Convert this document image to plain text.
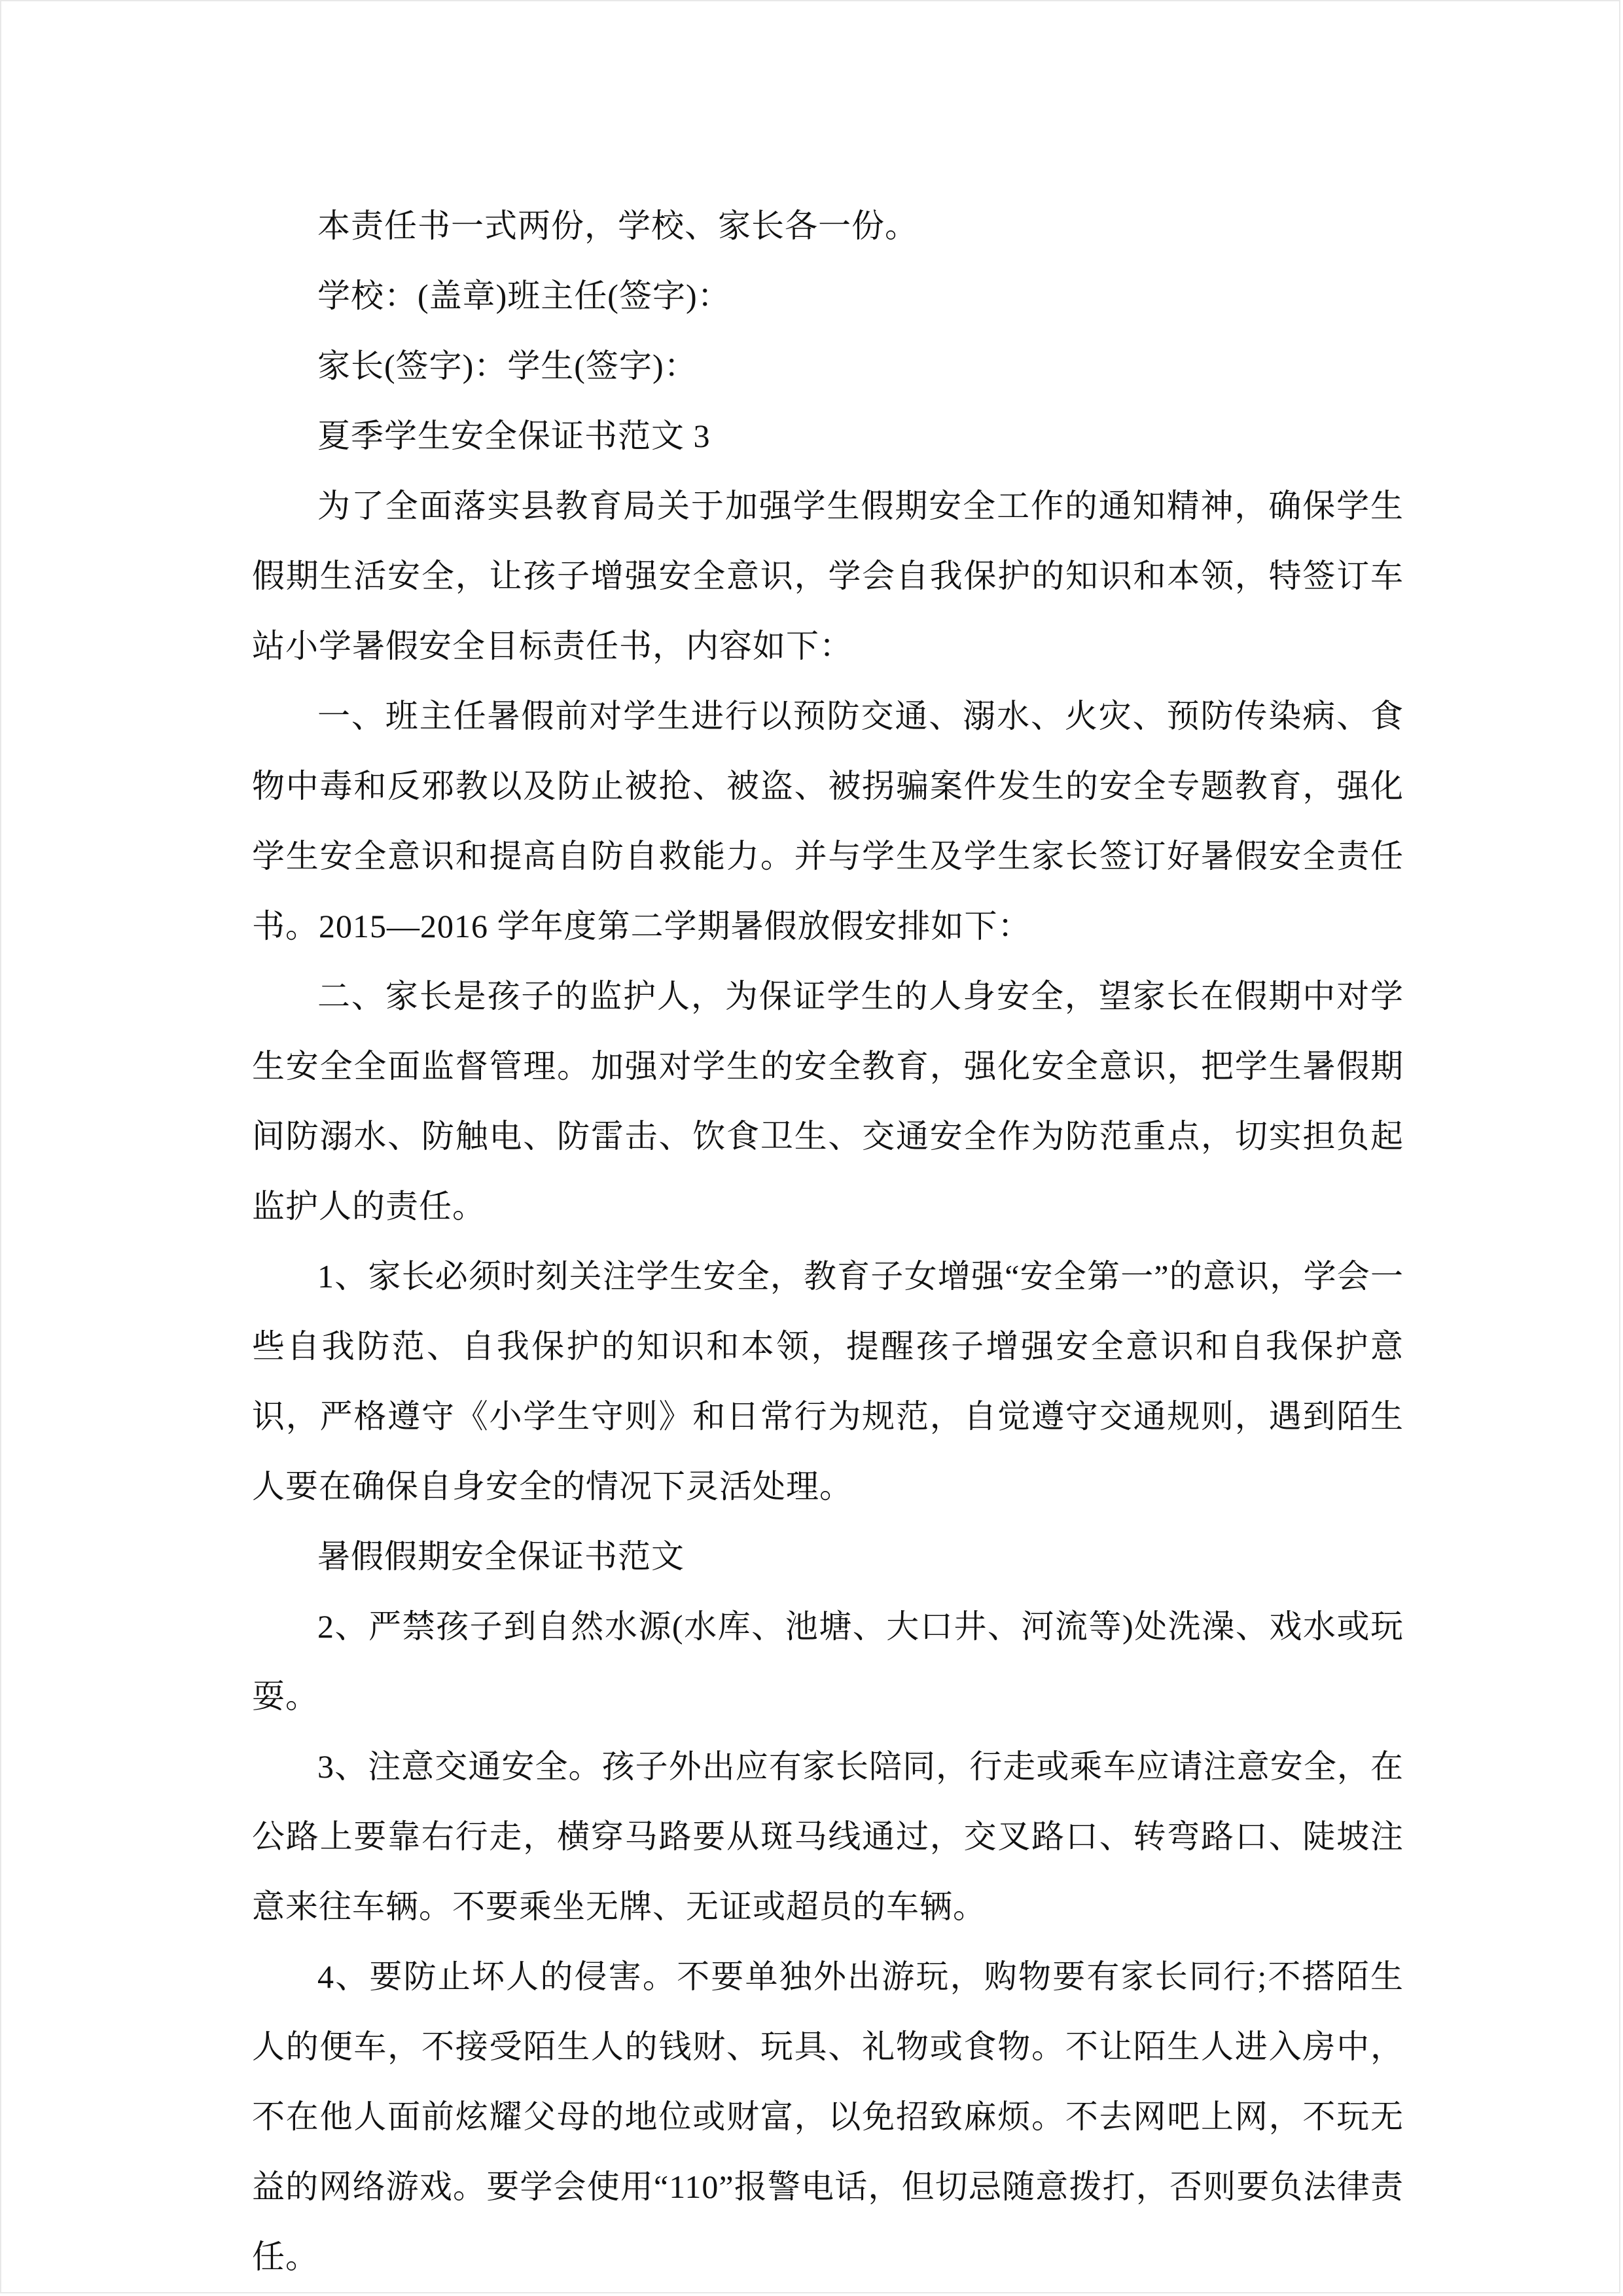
本责任书一式两份，学校、家长各一份。

学校：(盖章)班主任(签字)：

家长(签字)：学生(签字)：

夏季学生安全保证书范文 3

为了全面落实县教育局关于加强学生假期安全工作的通知精神，确保学生假期生活安全，让孩子增强安全意识，学会自我保护的知识和本领，特签订车站小学暑假安全目标责任书，内容如下：

一、班主任暑假前对学生进行以预防交通、溺水、火灾、预防传染病、食物中毒和反邪教以及防止被抢、被盗、被拐骗案件发生的安全专题教育，强化学生安全意识和提高自防自救能力。并与学生及学生家长签订好暑假安全责任书。2015—2016 学年度第二学期暑假放假安排如下：

二、家长是孩子的监护人，为保证学生的人身安全，望家长在假期中对学生安全全面监督管理。加强对学生的安全教育，强化安全意识，把学生暑假期间防溺水、防触电、防雷击、饮食卫生、交通安全作为防范重点，切实担负起监护人的责任。

1、家长必须时刻关注学生安全，教育子女增强“安全第一”的意识，学会一些自我防范、自我保护的知识和本领，提醒孩子增强安全意识和自我保护意识，严格遵守《小学生守则》和日常行为规范，自觉遵守交通规则，遇到陌生人要在确保自身安全的情况下灵活处理。

暑假假期安全保证书范文

2、严禁孩子到自然水源(水库、池塘、大口井、河流等)处洗澡、戏水或玩耍。

3、注意交通安全。孩子外出应有家长陪同，行走或乘车应请注意安全，在公路上要靠右行走，横穿马路要从斑马线通过，交叉路口、转弯路口、陡坡注意来往车辆。不要乘坐无牌、无证或超员的车辆。

4、要防止坏人的侵害。不要单独外出游玩，购物要有家长同行;不搭陌生人的便车，不接受陌生人的钱财、玩具、礼物或食物。不让陌生人进入房中，不在他人面前炫耀父母的地位或财富，以免招致麻烦。不去网吧上网，不玩无益的网络游戏。要学会使用“110”报警电话，但切忌随意拨打，否则要负法律责任。
